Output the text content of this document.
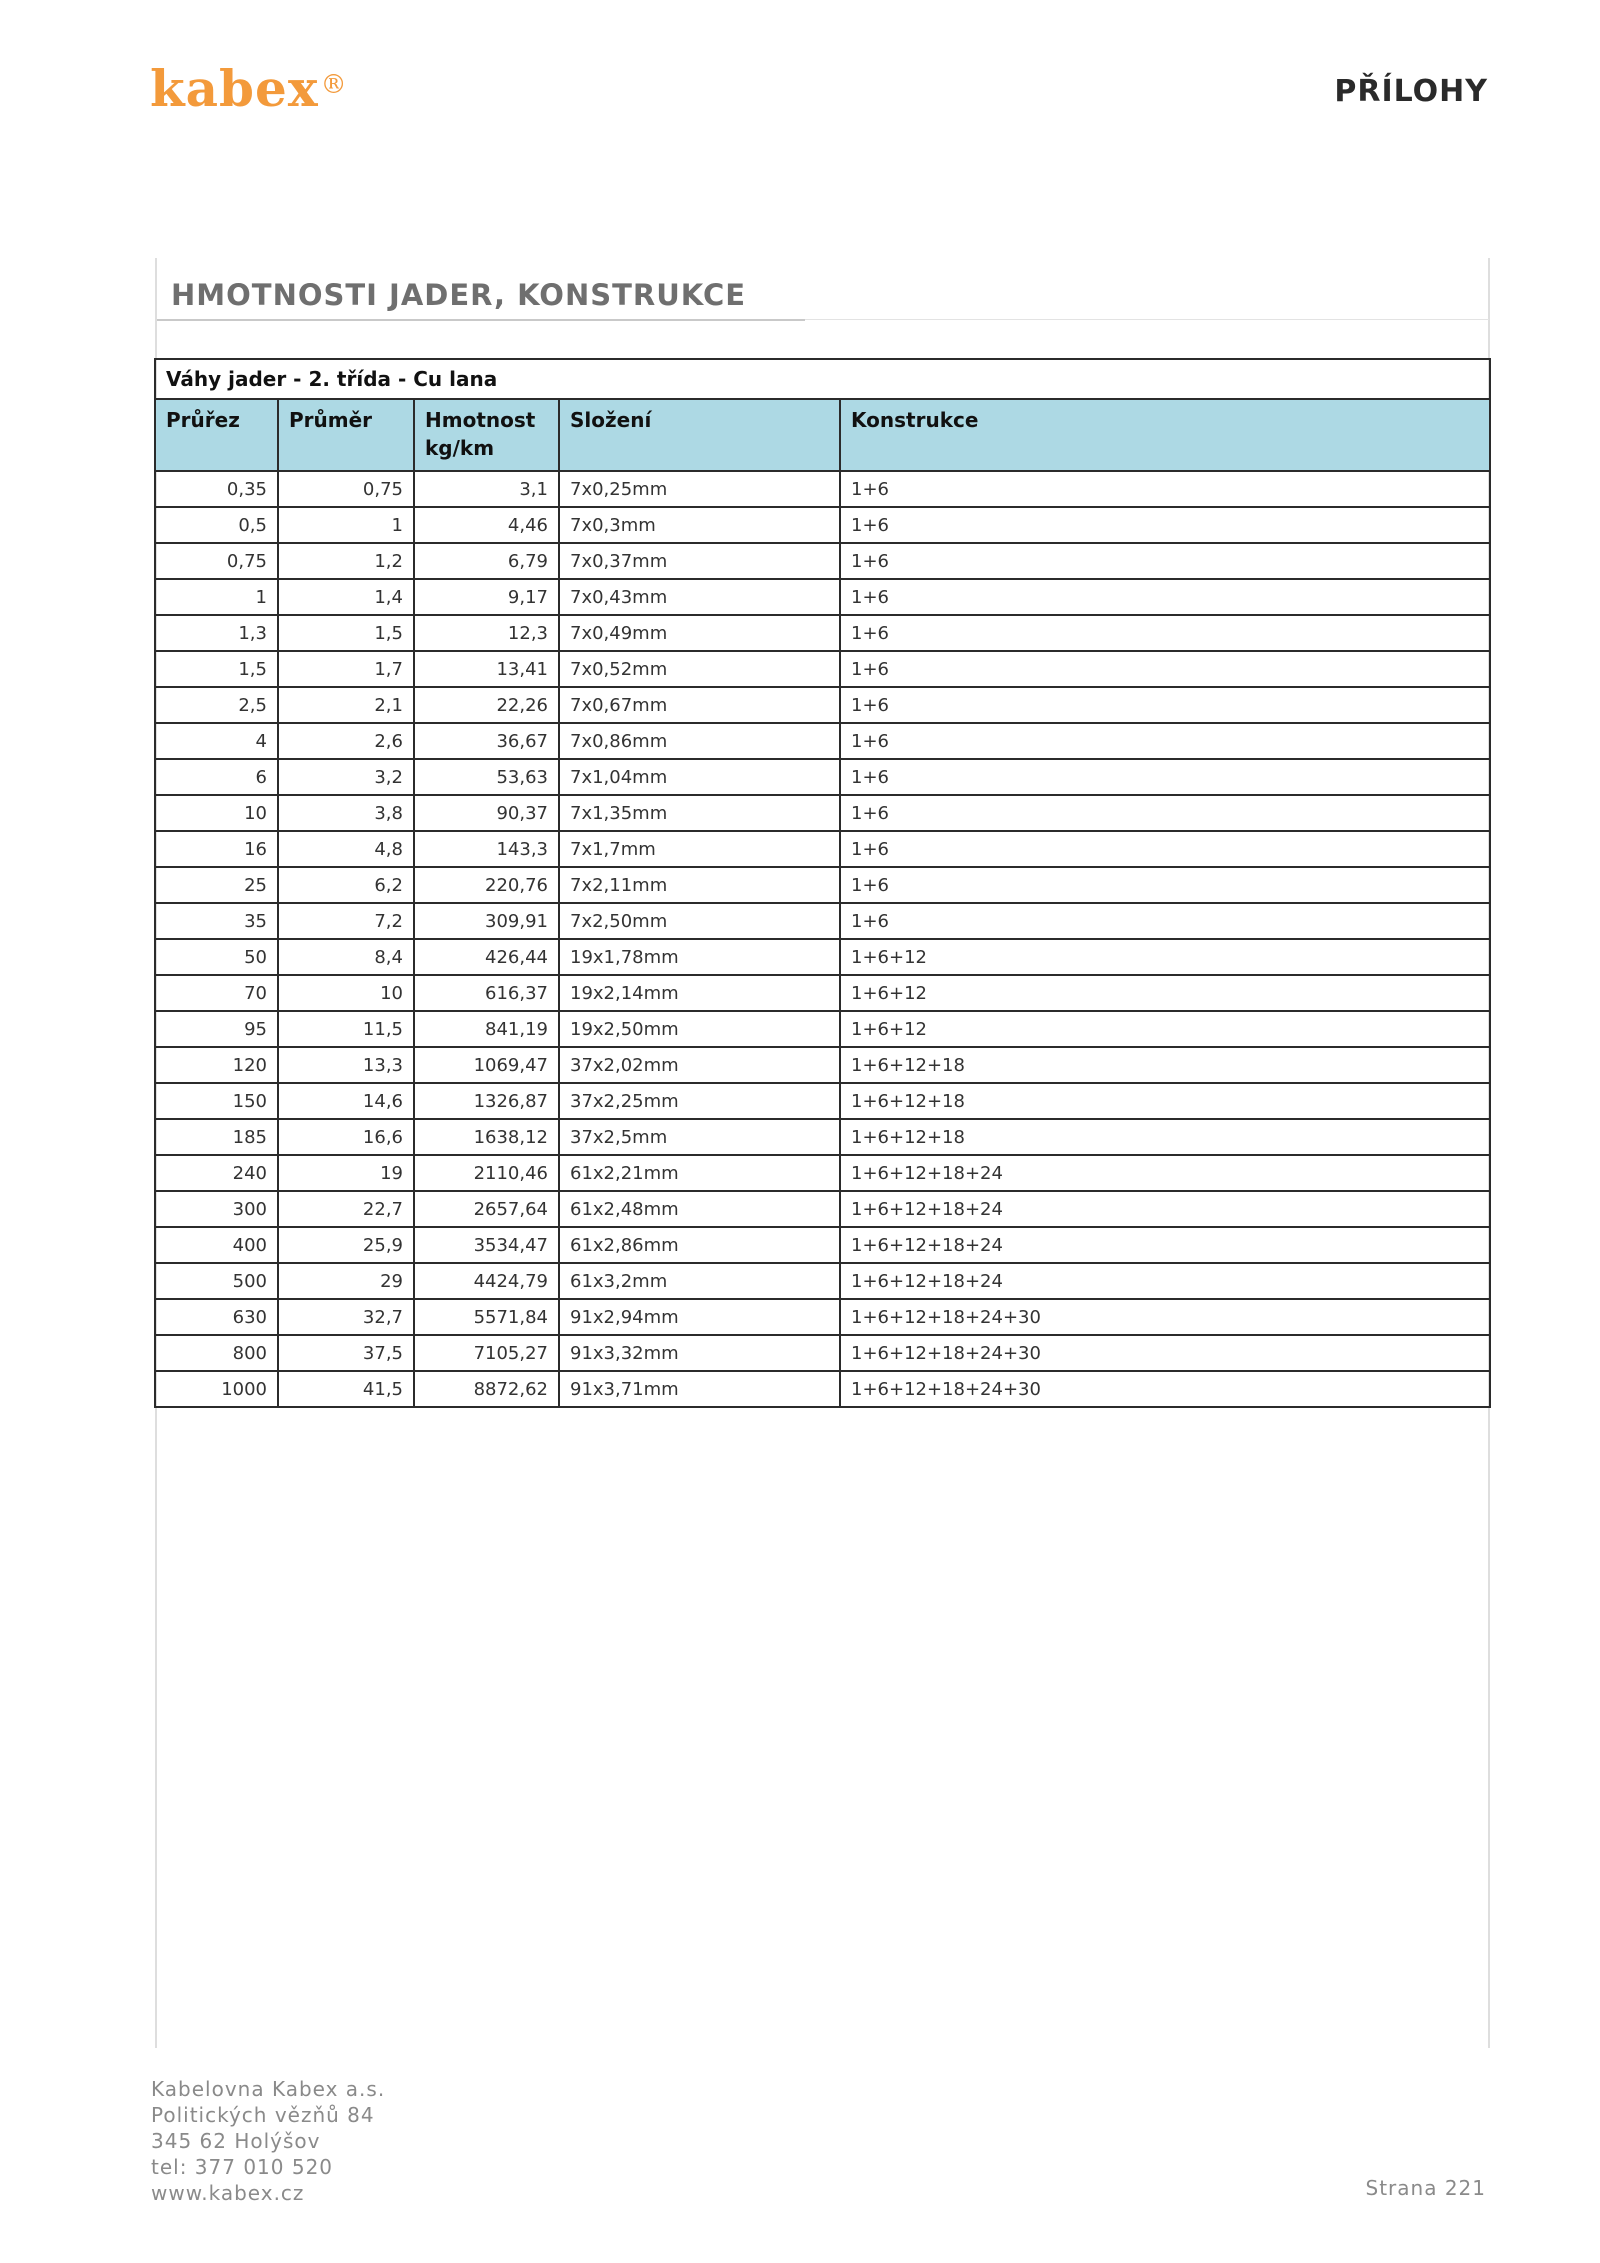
kabex®	PŘÍLOHY
HMOTNOSTI JADER, KONSTRUKCE
Váhy jader - 2. třída - Cu lana				
Průřez	Průměr	Hmotnost kg/km	Složení	Konstrukce
0,35	0,75	3,1	7x0,25mm	1+6
0,5	1	4,46	7x0,3mm	1+6
0,75	1,2	6,79	7x0,37mm	1+6
1	1,4	9,17	7x0,43mm	1+6
1,3	1,5	12,3	7x0,49mm	1+6
1,5	1,7	13,41	7x0,52mm	1+6
2,5	2,1	22,26	7x0,67mm	1+6
4	2,6	36,67	7x0,86mm	1+6
6	3,2	53,63	7x1,04mm	1+6
10	3,8	90,37	7x1,35mm	1+6
16	4,8	143,3	7x1,7mm	1+6
25	6,2	220,76	7x2,11mm	1+6
35	7,2	309,91	7x2,50mm	1+6
50	8,4	426,44	19x1,78mm	1+6+12
70	10	616,37	19x2,14mm	1+6+12
95	11,5	841,19	19x2,50mm	1+6+12
120	13,3	1069,47	37x2,02mm	1+6+12+18
150	14,6	1326,87	37x2,25mm	1+6+12+18
185	16,6	1638,12	37x2,5mm	1+6+12+18
240	19	2110,46	61x2,21mm	1+6+12+18+24
300	22,7	2657,64	61x2,48mm	1+6+12+18+24
400	25,9	3534,47	61x2,86mm	1+6+12+18+24
500	29	4424,79	61x3,2mm	1+6+12+18+24
630	32,7	5571,84	91x2,94mm	1+6+12+18+24+30
800	37,5	7105,27	91x3,32mm	1+6+12+18+24+30
1000	41,5	8872,62	91x3,71mm	1+6+12+18+24+30
Kabelovna Kabex a.s.
Politických vězňů 84
345 62 Holýšov
tel: 377 010 520
www.kabex.cz	Strana 221
